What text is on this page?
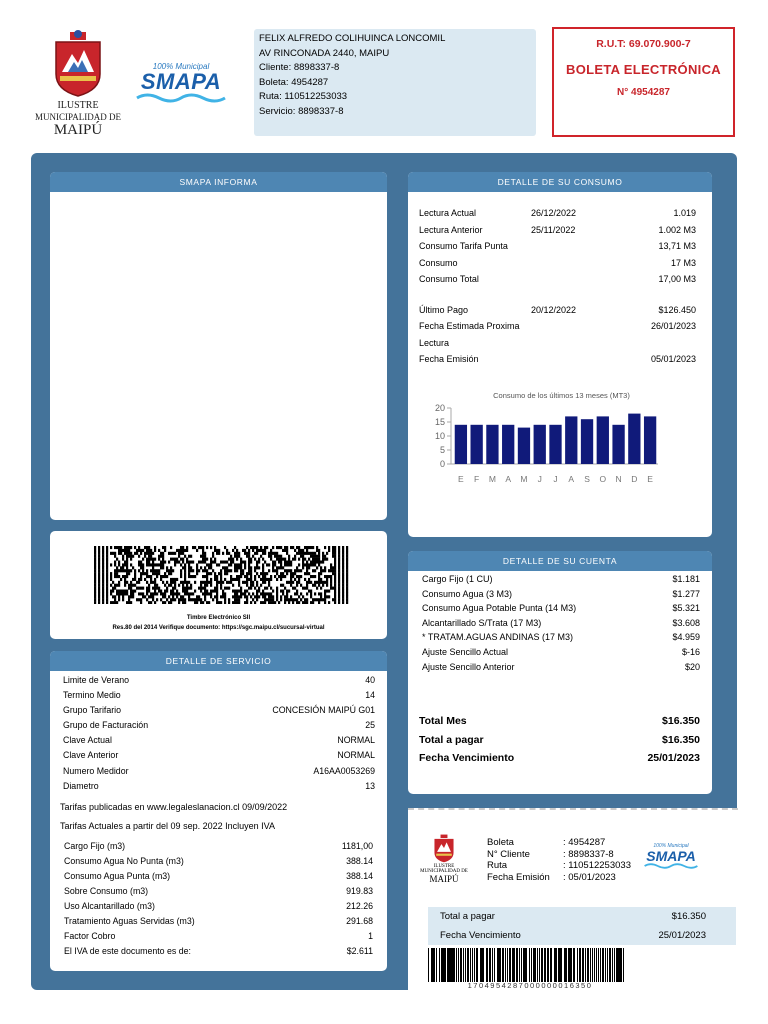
ILUSTRE
MUNICIPALIDAD DE
MAIPÚ
100% Municipal
SMAPA
FELIX ALFREDO COLIHUINCA LONCOMIL
AV RINCONADA 2440, MAIPU
Cliente: 8898337-8
Boleta: 4954287
Ruta: 110512253033
Servicio: 8898337-8
R.U.T: 69.070.900-7
BOLETA ELECTRÓNICA
N° 4954287
SMAPA INFORMA
Timbre Electrónico SII
Res.80 del 2014 Verifique documento: https://sgc.maipu.cl/sucursal-virtual
DETALLE DE SERVICIO
Limite de Verano	40
Termino Medio	14
Grupo Tarifario	CONCESIÓN MAIPÚ G01
Grupo de Facturación	25
Clave Actual	NORMAL
Clave Anterior	NORMAL
Numero Medidor	A16AA0053269
Diametro	13
Tarifas publicadas en www.legaleslanacion.cl 09/09/2022
Tarifas Actuales a partir del 09 sep. 2022 Incluyen IVA
Cargo Fijo (m3)	1181,00
Consumo Agua No Punta (m3)	388.14
Consumo Agua Punta (m3)	388.14
Sobre Consumo (m3)	919.83
Uso Alcantarillado (m3)	212.26
Tratamiento Aguas Servidas (m3)	291.68
Factor Cobro	1
El IVA de este documento es de:	$2.611
DETALLE DE SU CONSUMO
Lectura Actual	26/12/2022	1.019
Lectura Anterior	25/11/2022	1.002 M3
Consumo Tarifa Punta	13,71 M3
Consumo	17 M3
Consumo Total	17,00 M3
Último Pago	20/12/2022	$126.450
Fecha Estimada Proxima Lectura
26/01/2023
Fecha Emisión	05/01/2023
Consumo de los últimos 13 meses (MT3)
0
5
10
15
20
E F M A M J J A S O N D E
DETALLE DE SU CUENTA
Cargo Fijo (1 CU)	$1.181
Consumo Agua (3 M3)	$1.277
Consumo Agua Potable Punta (14 M3)	$5.321
Alcantarillado S/Trata (17 M3)	$3.608
* TRATAM.AGUAS ANDINAS (17 M3)	$4.959
Ajuste Sencillo Actual	$-16
Ajuste Sencillo Anterior	$20
Total Mes	$16.350
Total a pagar	$16.350
Fecha Vencimiento	25/01/2023
ILUSTRE
MUNICIPALIDAD DE
MAIPÚ
Boleta	: 4954287
N° Cliente	: 8898337-8
Ruta	: 110512253033
Fecha Emisión	: 05/01/2023
100% Municipal
SMAPA
Total a pagar	$16.350
Fecha Vencimiento	25/01/2023
1704954287000000016350
